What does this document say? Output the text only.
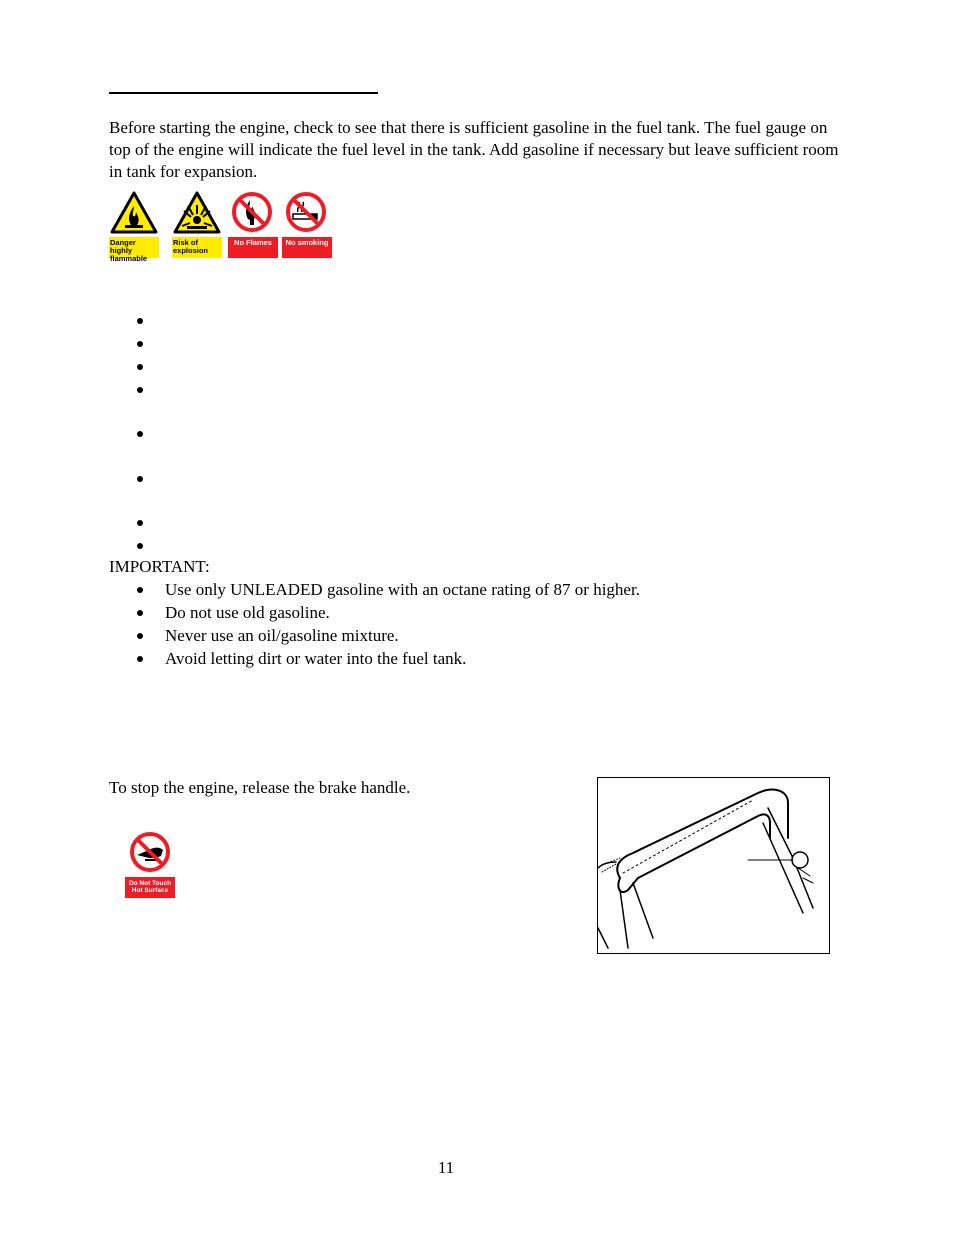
Before starting the engine, check to see that there is sufficient gasoline in the fuel tank. The fuel gauge on top of the engine will indicate the fuel level in the tank. Add gasoline if necessary but leave sufficient room in tank for expansion.

Danger highly flammable
Risk of explosion
No Flames	No smoking
IMPORTANT:
Use only UNLEADED gasoline with an octane rating of 87 or higher.
Do not use old gasoline.
Never use an oil/gasoline mixture.
Avoid letting dirt or water into the fuel tank.
To stop the engine, release the brake handle.
Do Not Touch Hot Surface
11
